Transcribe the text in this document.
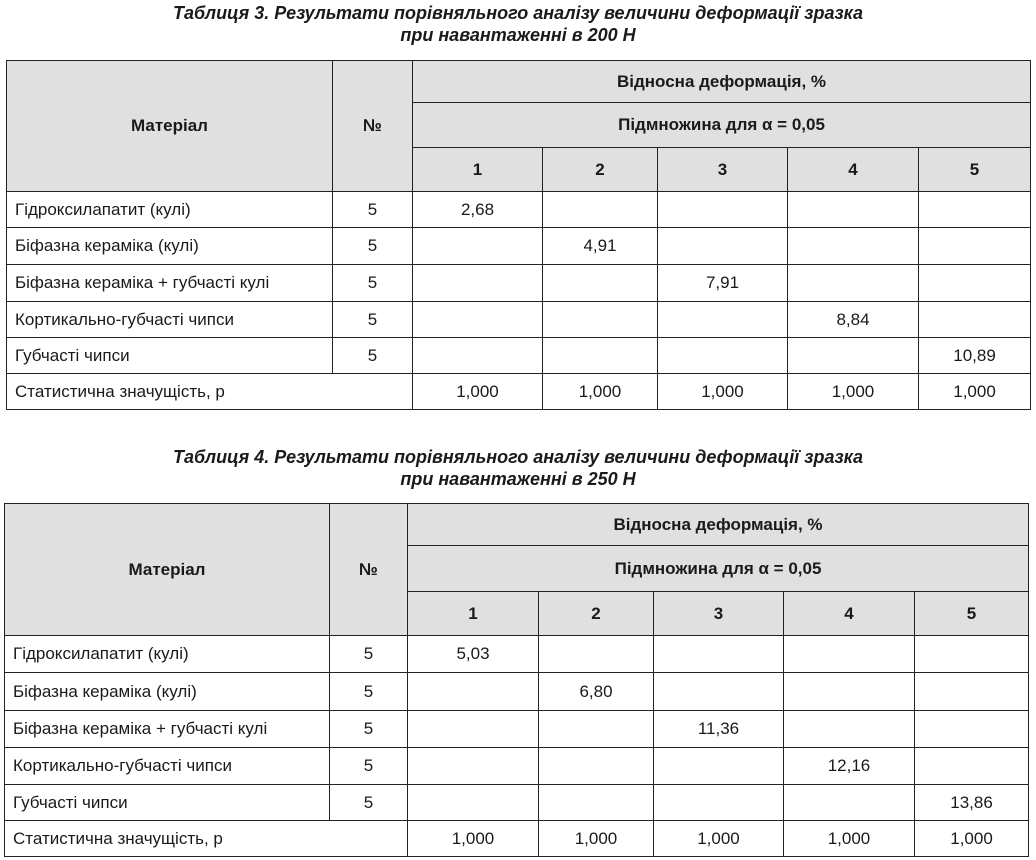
Таблиця 3. Результати порівняльного аналізу величини деформації зразка
при навантаженні в 200 Н
Матеріал	№	Відносна деформація, %				
		Підмножина для α = 0,05				
		1	2	3	4	5
Гідроксилапатит (кулі)	5	2,68				
Біфазна кераміка (кулі)	5		4,91			
Біфазна кераміка + губчасті кулі	5			7,91		
Кортикально-губчасті чипси	5				8,84	
Губчасті чипси	5					10,89
Статистична значущість, p		1,000	1,000	1,000	1,000	1,000
Таблиця 4. Результати порівняльного аналізу величини деформації зразка
при навантаженні в 250 Н
Матеріал	№	Відносна деформація, %				
		Підмножина для α = 0,05				
		1	2	3	4	5
Гідроксилапатит (кулі)	5	5,03				
Біфазна кераміка (кулі)	5		6,80			
Біфазна кераміка + губчасті кулі	5			11,36		
Кортикально-губчасті чипси	5				12,16	
Губчасті чипси	5					13,86
Статистична значущість, p		1,000	1,000	1,000	1,000	1,000
